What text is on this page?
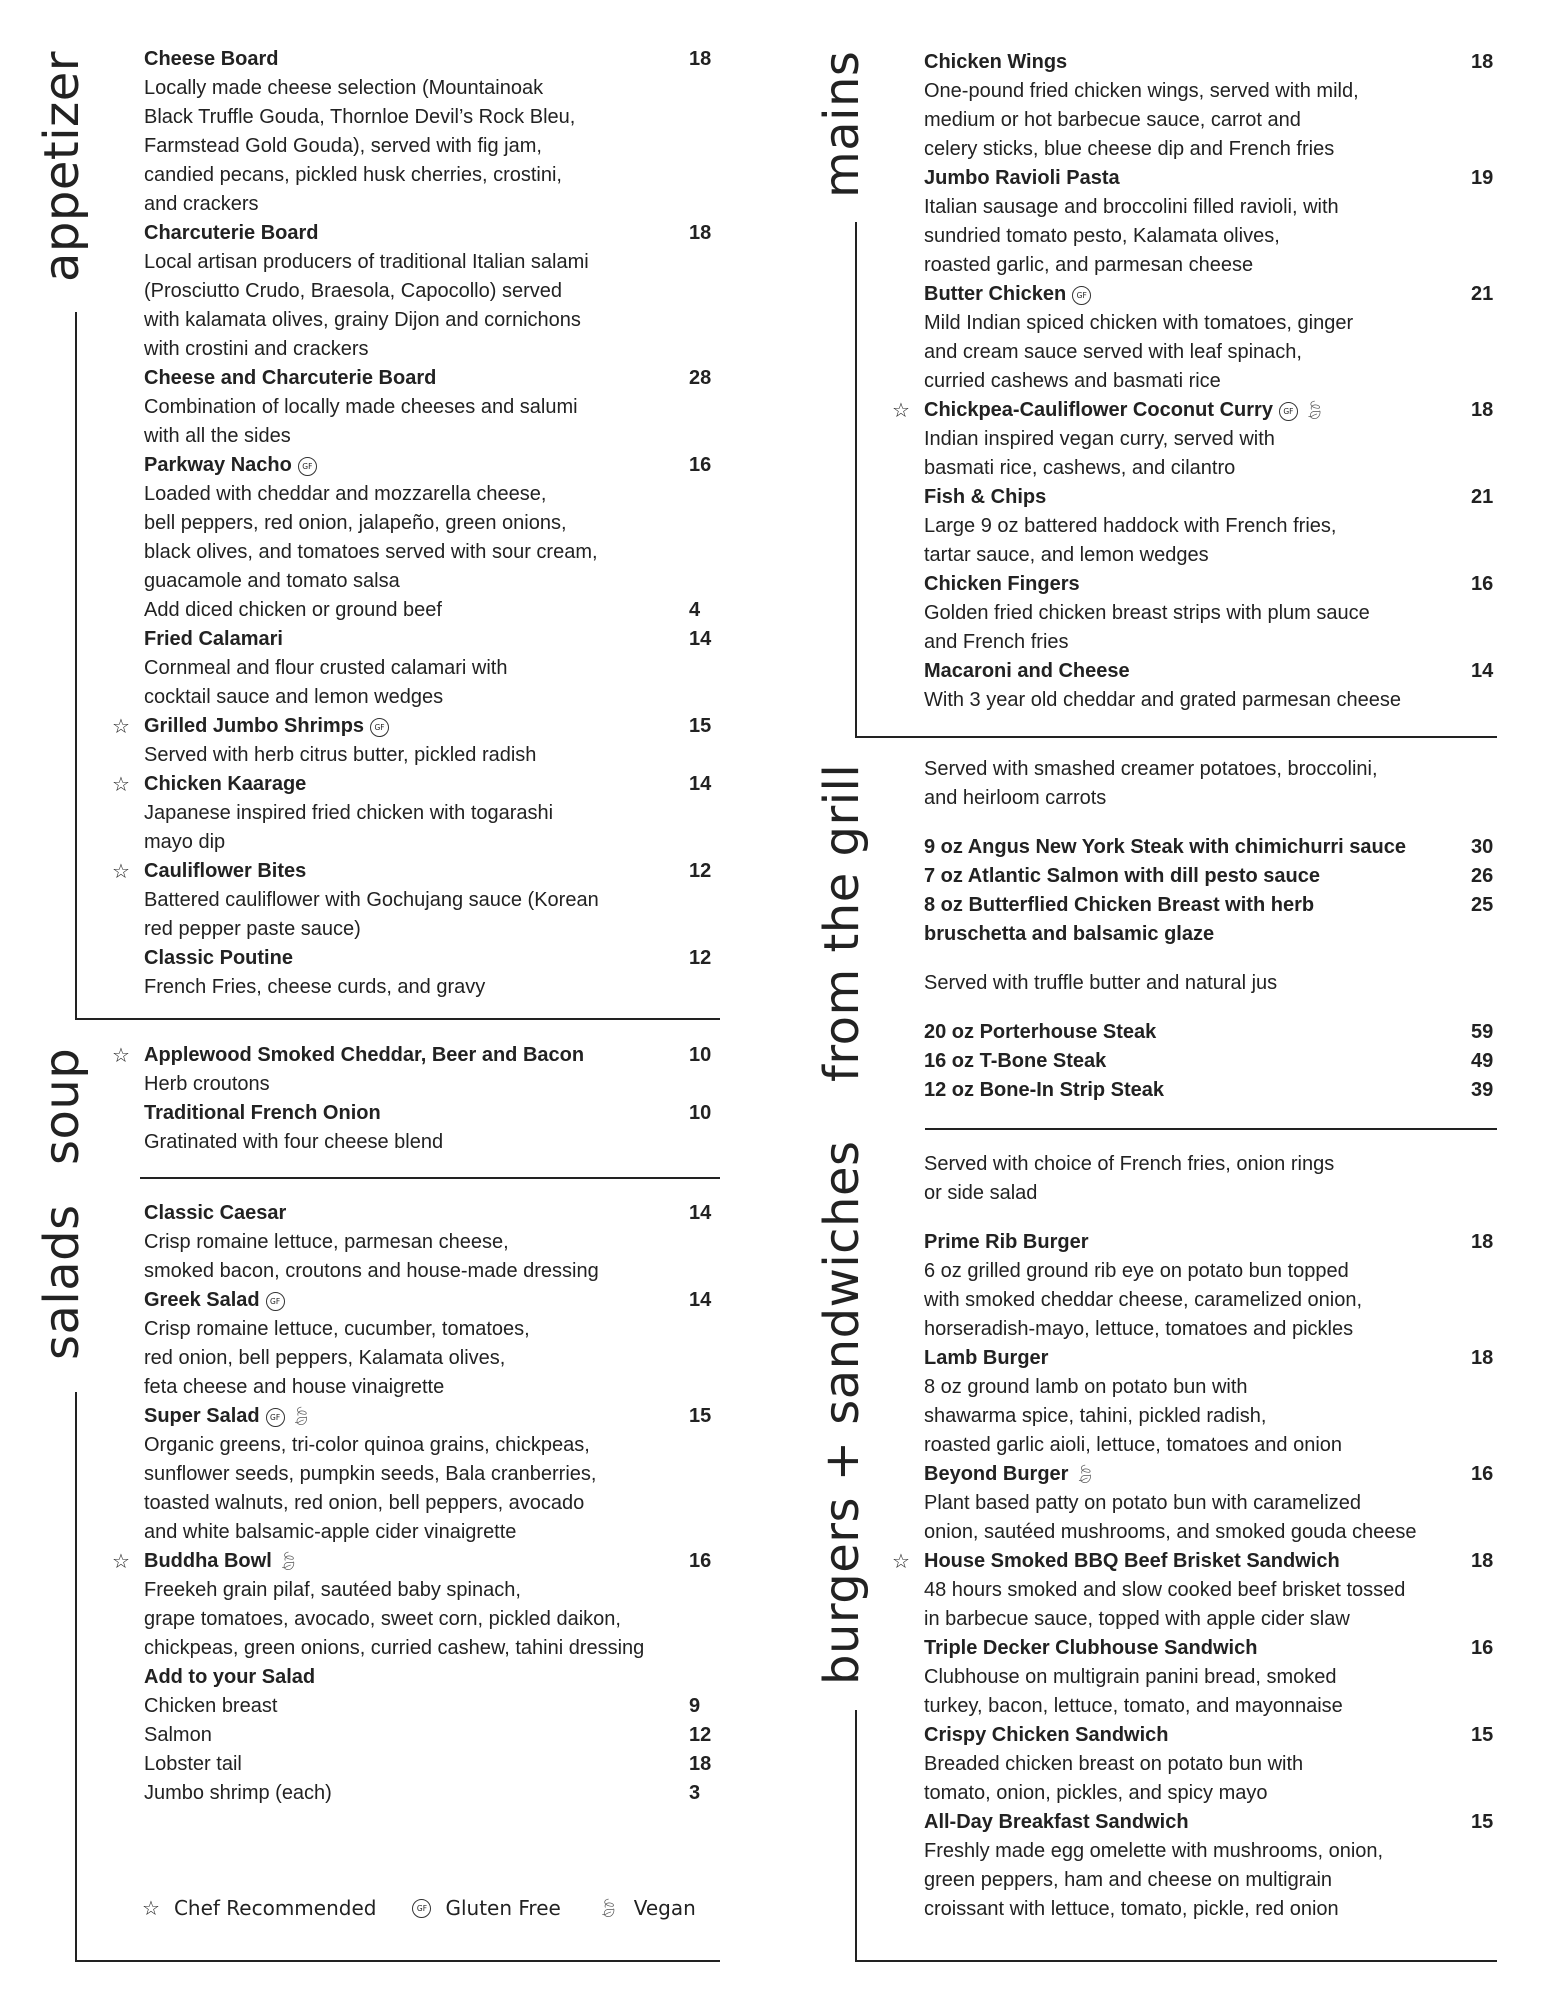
appetizer
soup
salads
mains
from the grill
burgers + sandwiches
Cheese Board	18
Locally made cheese selection (Mountainoak
Black Truffle Gouda, Thornloe Devil’s Rock Bleu,
Farmstead Gold Gouda), served with fig jam,
candied pecans, pickled husk cherries, crostini,
and crackers
Charcuterie Board	18
Local artisan producers of traditional Italian salami
(Prosciutto Crudo, Braesola, Capocollo) served
with kalamata olives, grainy Dijon and cornichons
with crostini and crackers
Cheese and Charcuterie Board	28
Combination of locally made cheeses and salumi
with all the sides
Parkway Nacho GF	16
Loaded with cheddar and mozzarella cheese,
bell peppers, red onion, jalapeño, green onions,
black olives, and tomatoes served with sour cream,
guacamole and tomato salsa
Add diced chicken or ground beef	4
Fried Calamari	14
Cornmeal and flour crusted calamari with
cocktail sauce and lemon wedges
☆ Grilled Jumbo Shrimps GF	15
Served with herb citrus butter, pickled radish
☆ Chicken Kaarage	14
Japanese inspired fried chicken with togarashi
mayo dip
☆ Cauliflower Bites	12
Battered cauliflower with Gochujang sauce (Korean
red pepper paste sauce)
Classic Poutine	12
French Fries, cheese curds, and gravy
☆ Applewood Smoked Cheddar, Beer and Bacon	10
Herb croutons
Traditional French Onion	10
Gratinated with four cheese blend
Classic Caesar	14
Crisp romaine lettuce, parmesan cheese,
smoked bacon, croutons and house-made dressing
Greek Salad GF	14
Crisp romaine lettuce, cucumber, tomatoes,
red onion, bell peppers, Kalamata olives,
feta cheese and house vinaigrette
Super Salad GF 🍃︎	15
Organic greens, tri-color quinoa grains, chickpeas,
sunflower seeds, pumpkin seeds, Bala cranberries,
toasted walnuts, red onion, bell peppers, avocado
and white balsamic-apple cider vinaigrette
☆ Buddha Bowl 🍃︎	16
Freekeh grain pilaf, sautéed baby spinach,
grape tomatoes, avocado, sweet corn, pickled daikon,
chickpeas, green onions, curried cashew, tahini dressing
Add to your Salad
Chicken breast	9
Salmon	12
Lobster tail	18
Jumbo shrimp (each)	3
Chicken Wings	18
One-pound fried chicken wings, served with mild,
medium or hot barbecue sauce, carrot and
celery sticks, blue cheese dip and French fries
Jumbo Ravioli Pasta	19
Italian sausage and broccolini filled ravioli, with
sundried tomato pesto, Kalamata olives,
roasted garlic, and parmesan cheese
Butter Chicken GF	21
Mild Indian spiced chicken with tomatoes, ginger
and cream sauce served with leaf spinach,
curried cashews and basmati rice
☆ Chickpea-Cauliflower Coconut Curry GF 🍃︎	18
Indian inspired vegan curry, served with
basmati rice, cashews, and cilantro
Fish & Chips	21
Large 9 oz battered haddock with French fries,
tartar sauce, and lemon wedges
Chicken Fingers	16
Golden fried chicken breast strips with plum sauce
and French fries
Macaroni and Cheese	14
With 3 year old cheddar and grated parmesan cheese
Served with smashed creamer potatoes, broccolini,
and heirloom carrots
9 oz Angus New York Steak with chimichurri sauce	30
7 oz Atlantic Salmon with dill pesto sauce	26
8 oz Butterflied Chicken Breast with herb	25
bruschetta and balsamic glaze
Served with truffle butter and natural jus
20 oz Porterhouse Steak	59
16 oz T-Bone Steak	49
12 oz Bone-In Strip Steak	39
Served with choice of French fries, onion rings
or side salad
Prime Rib Burger	18
6 oz grilled ground rib eye on potato bun topped
with smoked cheddar cheese, caramelized onion,
horseradish-mayo, lettuce, tomatoes and pickles
Lamb Burger	18
8 oz ground lamb on potato bun with
shawarma spice, tahini, pickled radish,
roasted garlic aioli, lettuce, tomatoes and onion
Beyond Burger 🍃︎	16
Plant based patty on potato bun with caramelized
onion, sautéed mushrooms, and smoked gouda cheese
☆ House Smoked BBQ Beef Brisket Sandwich	18
48 hours smoked and slow cooked beef brisket tossed
in barbecue sauce, topped with apple cider slaw
Triple Decker Clubhouse Sandwich	16
Clubhouse on multigrain panini bread, smoked
turkey, bacon, lettuce, tomato, and mayonnaise
Crispy Chicken Sandwich	15
Breaded chicken breast on potato bun with
tomato, onion, pickles, and spicy mayo
All-Day Breakfast Sandwich	15
Freshly made egg omelette with mushrooms, onion,
green peppers, ham and cheese on multigrain
croissant with lettuce, tomato, pickle, red onion
☆ Chef Recommended	GF Gluten Free 🍃︎ Vegan
